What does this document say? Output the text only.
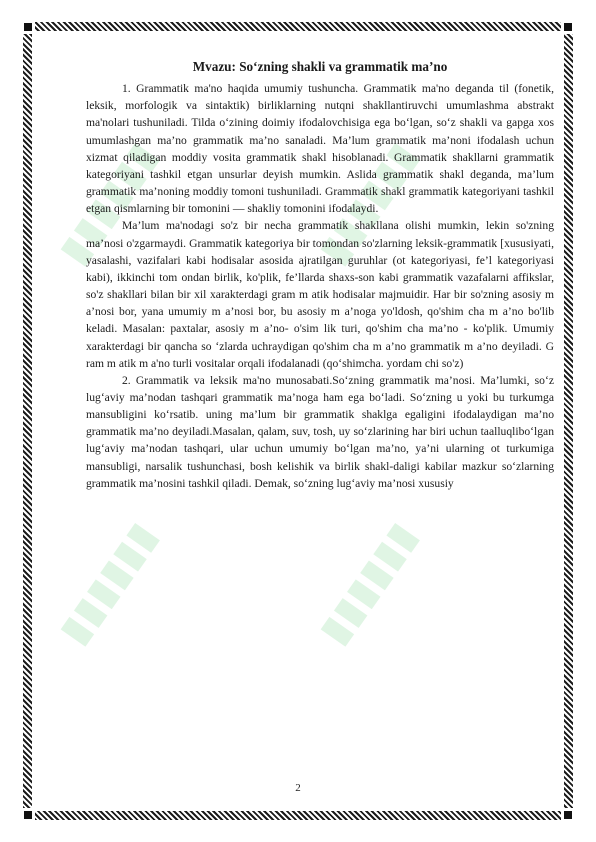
▮▮▮▮▮▮	▮▮▮▮▮▮
▮▮▮▮▮▮	▮▮▮▮▮▮

Mvazu: So‘zning shakli va grammatik ma’no

1. Grammatik ma'no haqida umumiy tushuncha. Grammatik ma'no deganda til (fonetik, leksik, morfologik va sintaktik) birliklarning nutqni shakllantiruvchi umumlashma abstrakt ma'nolari tushuniladi. Tilda o‘zining doimiy ifodalovchisiga ega bo‘lgan, so‘z shakli va gapga xos umumlashgan ma’no grammatik ma’no sanaladi. Ma’lum grammatik ma’noni ifodalash uchun xizmat qiladigan moddiy vosita grammatik shakl hisoblanadi. Grammatik shakllarni grammatik kategoriyani tashkil etgan unsurlar deyish mumkin. Aslida grammatik shakl deganda, ma’lum grammatik ma’noning moddiy tomoni tushuniladi. Grammatik shakl grammatik kategoriyani tashkil etgan qismlarning bir tomonini — shakliy tomonini ifodalaydi.

Ma’lum ma'nodagi so'z bir necha grammatik shakllana olishi mumkin, lekin so'zning ma’nosi o'zgarmaydi. Grammatik kategoriya bir tomondan so'zlarning leksik-grammatik [xususiyati, yasalashi, vazifalari kabi hodisalar asosida ajratilgan guruhlar (ot kategoriyasi, fe’l kategoriyasi kabi), ikkinchi tom ondan birlik, ko'plik, fe’llarda shaxs-son kabi grammatik vazafalarni affikslar, so'z shakllari bilan bir xil xarakterdagi gram m atik hodisalar majmuidir. Har bir so'zning asosiy m a’nosi bor, yana umumiy m a’nosi bor, bu asosiy m a’noga yo'ldosh, qo'shim cha m a’no bo'lib keladi. Masalan: paxtalar, asosiy m a’no- o'sim lik turi, qo'shim cha ma’no - ko'plik. Umumiy xarakterdagi bir qancha so ‘zlarda uchraydigan qo'shim cha m a’no grammatik m a’no deyiladi. G ram m atik m a'no turli vositalar orqali ifodalanadi (qo‘shimcha. yordam chi so'z)

2. Grammatik va leksik ma'no munosabati.So‘zning grammatik ma’nosi. Ma’lumki, so‘z lug‘aviy ma’nodan tashqari grammatik ma’noga ham ega bo‘ladi. So‘zning u yoki bu turkumga mansubligini ko‘rsatib. uning ma’lum bir grammatik shaklga egaligini ifodalaydigan ma’no grammatik ma’no deyiladi.Masalan, qalam, suv, tosh, uy so‘zlarining har biri uchun taalluqlibo‘lgan lug‘aviy ma’nodan tashqari, ular uchun umumiy bo‘lgan ma’no, ya’ni ularning ot turkumiga mansubligi, narsalik tushunchasi, bosh kelishik va birlik shakl-daligi kabilar mazkur so‘zlarning grammatik ma’nosini tashkil qiladi. Demak, so‘zning lug‘aviy ma’nosi xususiy

2
